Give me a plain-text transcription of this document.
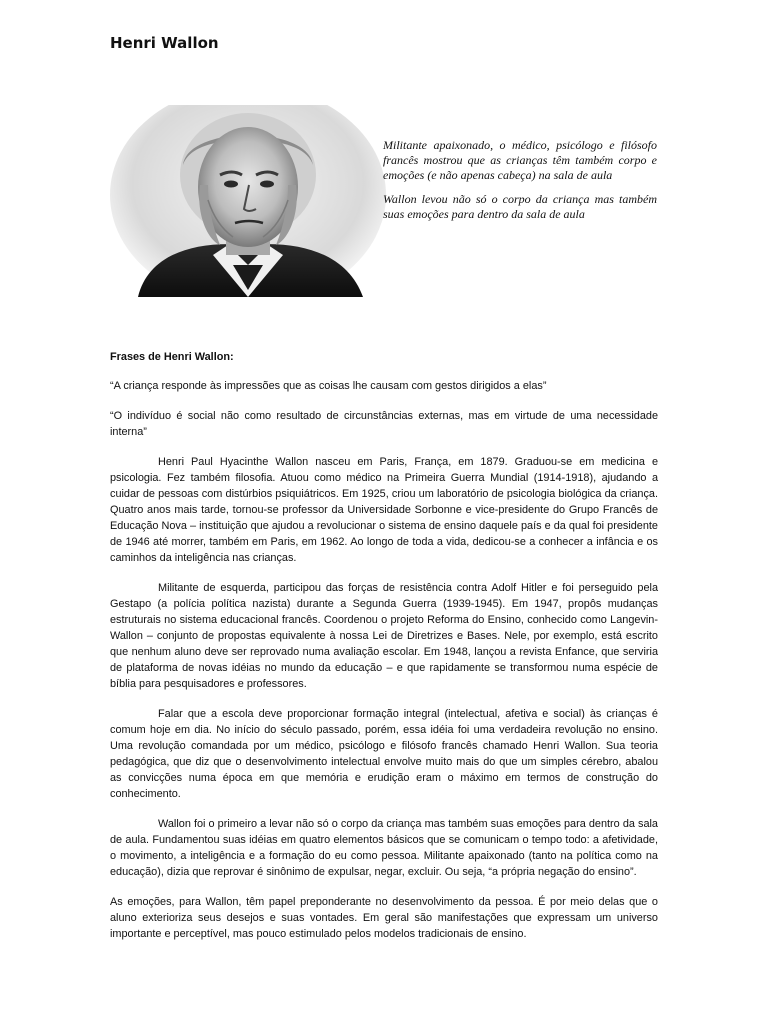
Henri Wallon

Militante apaixonado, o médico, psicólogo e filósofo francês mostrou que as crianças têm também corpo e emoções (e não apenas cabeça) na sala de aula

Wallon levou não só o corpo da criança mas também suas emoções para dentro da sala de aula

Frases de Henri Wallon:

“A criança responde às impressões que as coisas lhe causam com gestos dirigidos a elas”

“O indivíduo é social não como resultado de circunstâncias externas, mas em virtude de uma necessidade interna”

Henri Paul Hyacinthe Wallon nasceu em Paris, França, em 1879. Graduou-se em medicina e psicologia. Fez também filosofia. Atuou como médico na Primeira Guerra Mundial (1914-1918), ajudando a cuidar de pessoas com distúrbios psiquiátricos. Em 1925, criou um laboratório de psicologia biológica da criança. Quatro anos mais tarde, tornou-se professor da Universidade Sorbonne e vice-presidente do Grupo Francês de Educação Nova – instituição que ajudou a revolucionar o sistema de ensino daquele país e da qual foi presidente de 1946 até morrer, também em Paris, em 1962. Ao longo de toda a vida, dedicou-se a conhecer a infância e os caminhos da inteligência nas crianças.

Militante de esquerda, participou das forças de resistência contra Adolf Hitler e foi perseguido pela Gestapo (a polícia política nazista) durante a Segunda Guerra (1939-1945). Em 1947, propôs mudanças estruturais no sistema educacional francês. Coordenou o projeto Reforma do Ensino, conhecido como Langevin-Wallon – conjunto de propostas equivalente à nossa Lei de Diretrizes e Bases. Nele, por exemplo, está escrito que nenhum aluno deve ser reprovado numa avaliação escolar. Em 1948, lançou a revista Enfance, que serviria de plataforma de novas idéias no mundo da educação – e que rapidamente se transformou numa espécie de bíblia para pesquisadores e professores.

Falar que a escola deve proporcionar formação integral (intelectual, afetiva e social) às crianças é comum hoje em dia. No início do século passado, porém, essa idéia foi uma verdadeira revolução no ensino. Uma revolução comandada por um médico, psicólogo e filósofo francês chamado Henri Wallon. Sua teoria pedagógica, que diz que o desenvolvimento intelectual envolve muito mais do que um simples cérebro, abalou as convicções numa época em que memória e erudição eram o máximo em termos de construção do conhecimento.

Wallon foi o primeiro a levar não só o corpo da criança mas também suas emoções para dentro da sala de aula. Fundamentou suas idéias em quatro elementos básicos que se comunicam o tempo todo: a afetividade, o movimento, a inteligência e a formação do eu como pessoa. Militante apaixonado (tanto na política como na educação), dizia que reprovar é sinônimo de expulsar, negar, excluir. Ou seja, “a própria negação do ensino”.

As emoções, para Wallon, têm papel preponderante no desenvolvimento da pessoa. É por meio delas que o aluno exterioriza seus desejos e suas vontades. Em geral são manifestações que expressam um universo importante e perceptível, mas pouco estimulado pelos modelos tradicionais de ensino.
